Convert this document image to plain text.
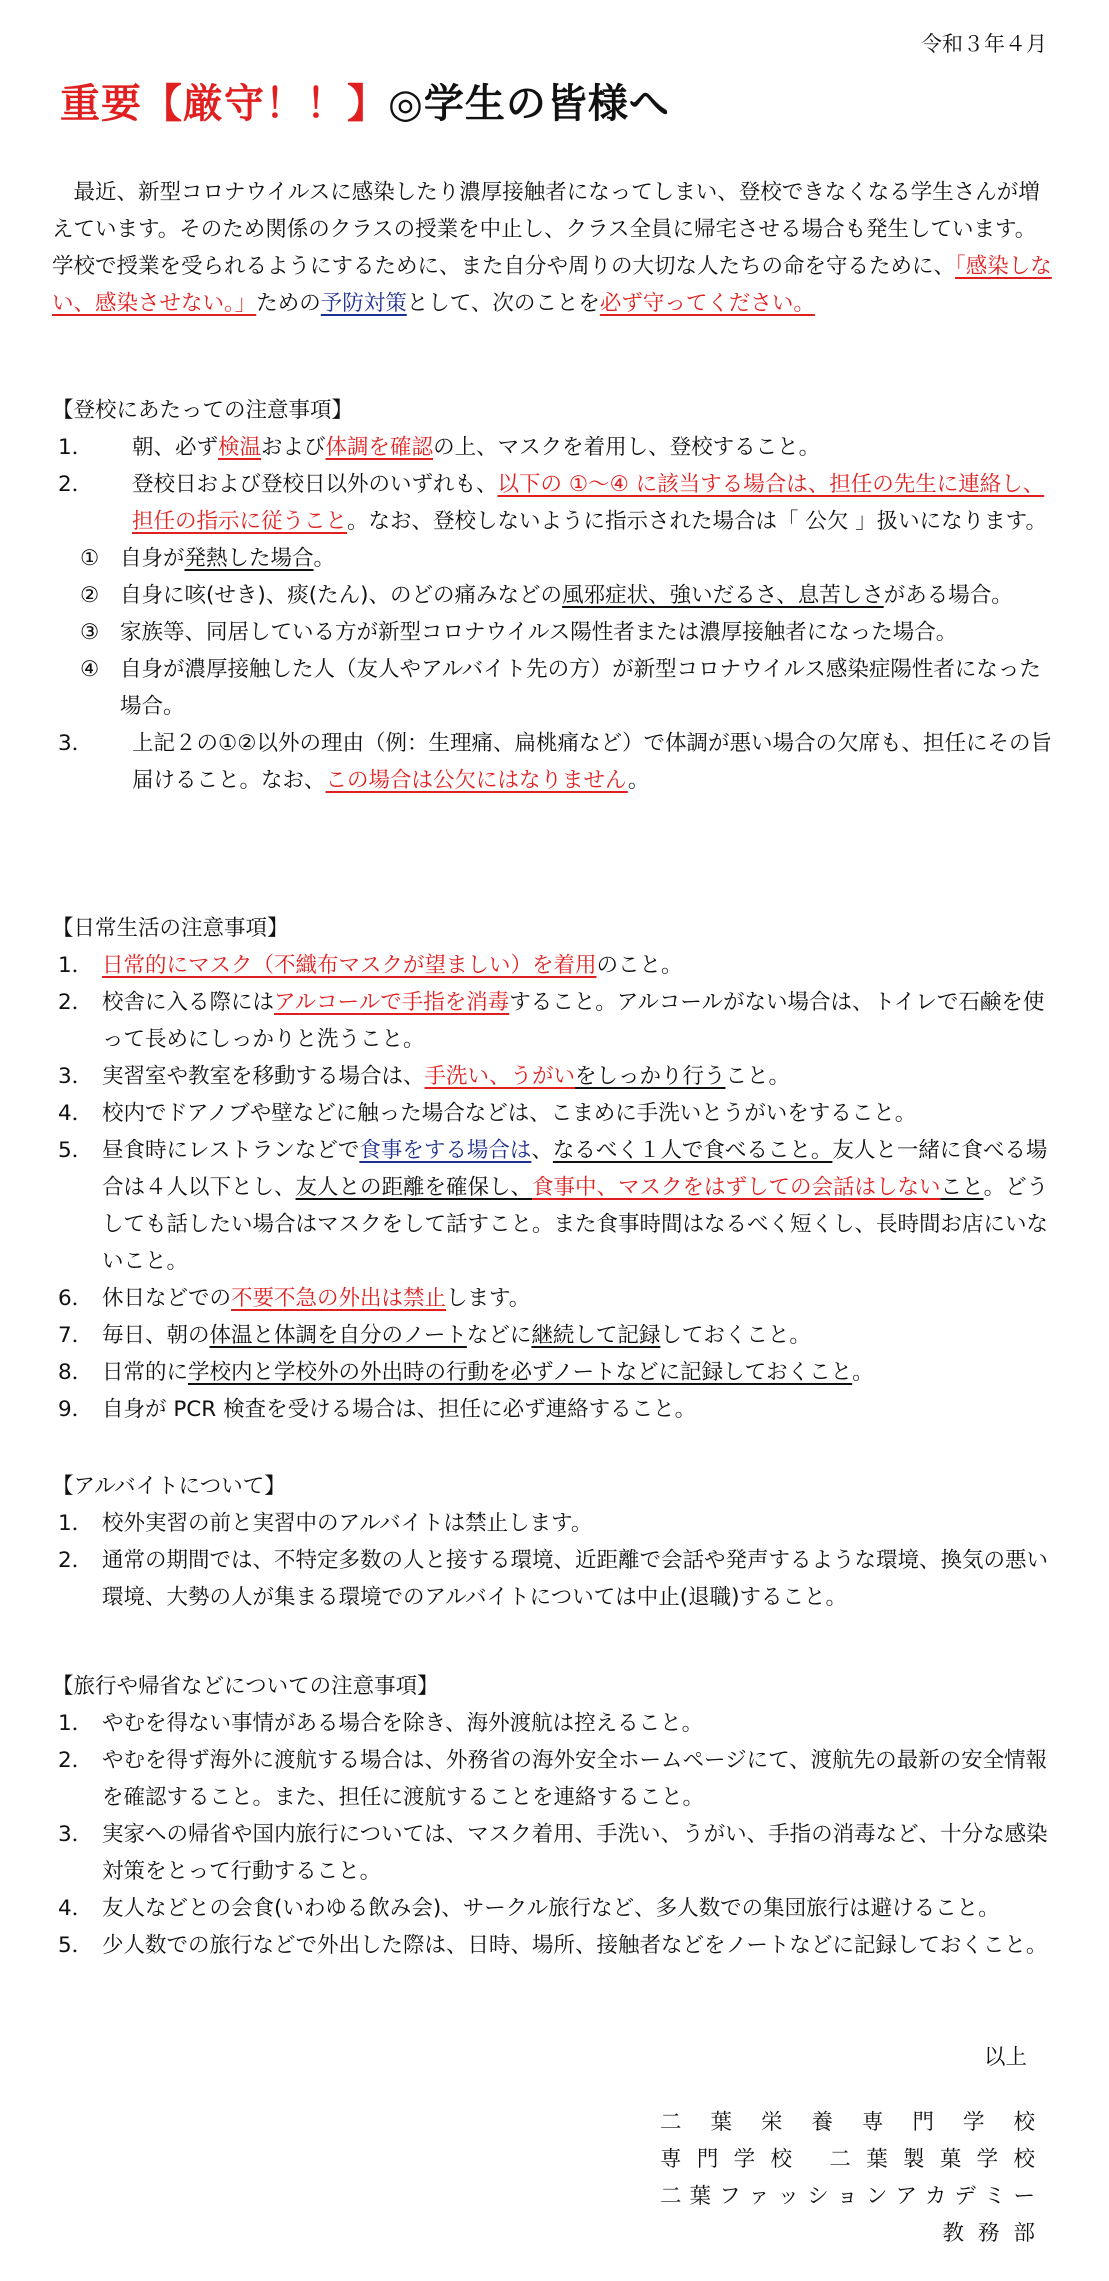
令和３年４月
重要【厳守！！】◎学生の皆様へ
　最近、新型コロナウイルスに感染したり濃厚接触者になってしまい、登校できなくなる学生さんが増えています。そのため関係のクラスの授業を中止し、クラス全員に帰宅させる場合も発生しています。学校で授業を受られるようにするために、また自分や周りの大切な人たちの命を守るために、「感染しない、感染させない。」ための予防対策として、次のことを必ず守ってください。
【登校にあたっての注意事項】
1．	朝、必ず検温および体調を確認の上、マスクを着用し、登校すること。
2．	登校日および登校日以外のいずれも、以下の ①～④ に該当する場合は、担任の先生に連絡し、担任の指示に従うこと。なお、登校しないように指示された場合は「 公欠 」扱いになります。
① 自身が発熱した場合。
② 自身に咳(せき)、痰(たん)、のどの痛みなどの風邪症状、強いだるさ、息苦しさがある場合。
③ 家族等、同居している方が新型コロナウイルス陽性者または濃厚接触者になった場合。
④ 自身が濃厚接触した人（友人やアルバイト先の方）が新型コロナウイルス感染症陽性者になった場合。
3．	上記２の①②以外の理由（例：生理痛、扁桃痛など）で体調が悪い場合の欠席も、担任にその旨届けること。なお、この場合は公欠にはなりません。
【日常生活の注意事項】
1． 日常的にマスク（不織布マスクが望ましい）を着用のこと。
2． 校舎に入る際にはアルコールで手指を消毒すること。アルコールがない場合は、トイレで石鹸を使って長めにしっかりと洗うこと。
3． 実習室や教室を移動する場合は、手洗い、うがいをしっかり行うこと。
4． 校内でドアノブや壁などに触った場合などは、こまめに手洗いとうがいをすること。
5． 昼食時にレストランなどで食事をする場合は、なるべく１人で食べること。友人と一緒に食べる場合は４人以下とし、友人との距離を確保し、食事中、マスクをはずしての会話はしないこと。どうしても話したい場合はマスクをして話すこと。また食事時間はなるべく短くし、長時間お店にいないこと。
6． 休日などでの不要不急の外出は禁止します。
7． 毎日、朝の体温と体調を自分のノートなどに継続して記録しておくこと。
8． 日常的に学校内と学校外の外出時の行動を必ずノートなどに記録しておくこと。
9． 自身が PCR 検査を受ける場合は、担任に必ず連絡すること。
【アルバイトについて】
1． 校外実習の前と実習中のアルバイトは禁止します。
2． 通常の期間では、不特定多数の人と接する環境、近距離で会話や発声するような環境、換気の悪い環境、大勢の人が集まる環境でのアルバイトについては中止(退職)すること。
【旅行や帰省などについての注意事項】
1． やむを得ない事情がある場合を除き、海外渡航は控えること。
2． やむを得ず海外に渡航する場合は、外務省の海外安全ホームページにて、渡航先の最新の安全情報を確認すること。また、担任に渡航することを連絡すること。
3． 実家への帰省や国内旅行については、マスク着用、手洗い、うがい、手指の消毒など、十分な感染対策をとって行動すること。
4． 友人などとの会食(いわゆる飲み会)、サークル旅行など、多人数での集団旅行は避けること。
5． 少人数での旅行などで外出した際は、日時、場所、接触者などをノートなどに記録しておくこと。
以上
二葉栄養専門学校
専門学校 二葉製菓学校
二葉ファッションアカデミー
教務部
